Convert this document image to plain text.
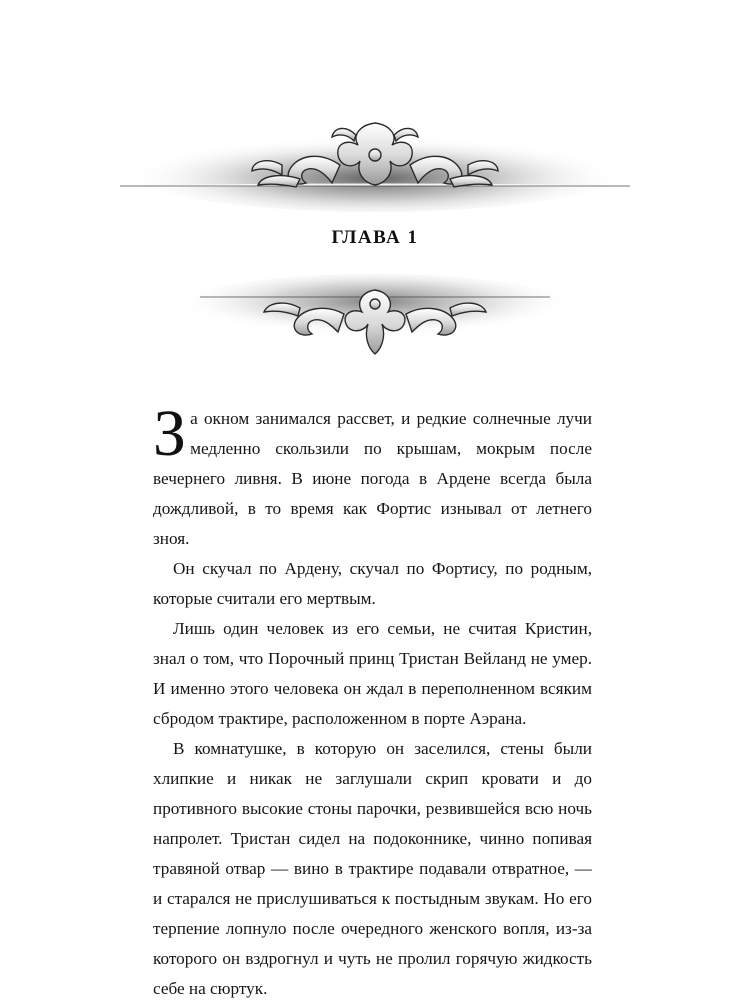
ГЛАВА 1

За окном занимался рассвет, и редкие солнечные лучи медленно скользили по крышам, мокрым после вечернего ливня. В июне погода в Ардене всегда была дождливой, в то время как Фортис изнывал от летнего зноя.

Он скучал по Ардену, скучал по Фортису, по родным, которые считали его мертвым.

Лишь один человек из его семьи, не считая Кристин, знал о том, что Порочный принц Тристан Вейланд не умер. И именно этого человека он ждал в переполненном всяким сбродом трактире, расположенном в порте Аэрана.

В комнатушке, в которую он заселился, стены были хлипкие и никак не заглушали скрип кровати и до противного высокие стоны парочки, резвившейся всю ночь напролет. Тристан сидел на подоконнике, чинно попивая травяной отвар — вино в трактире подавали отвратное, — и старался не прислушиваться к постыдным звукам. Но его терпение лопнуло после очередного женского вопля, из-за которого он вздрогнул и чуть не пролил горячую жидкость себе на сюртук.
